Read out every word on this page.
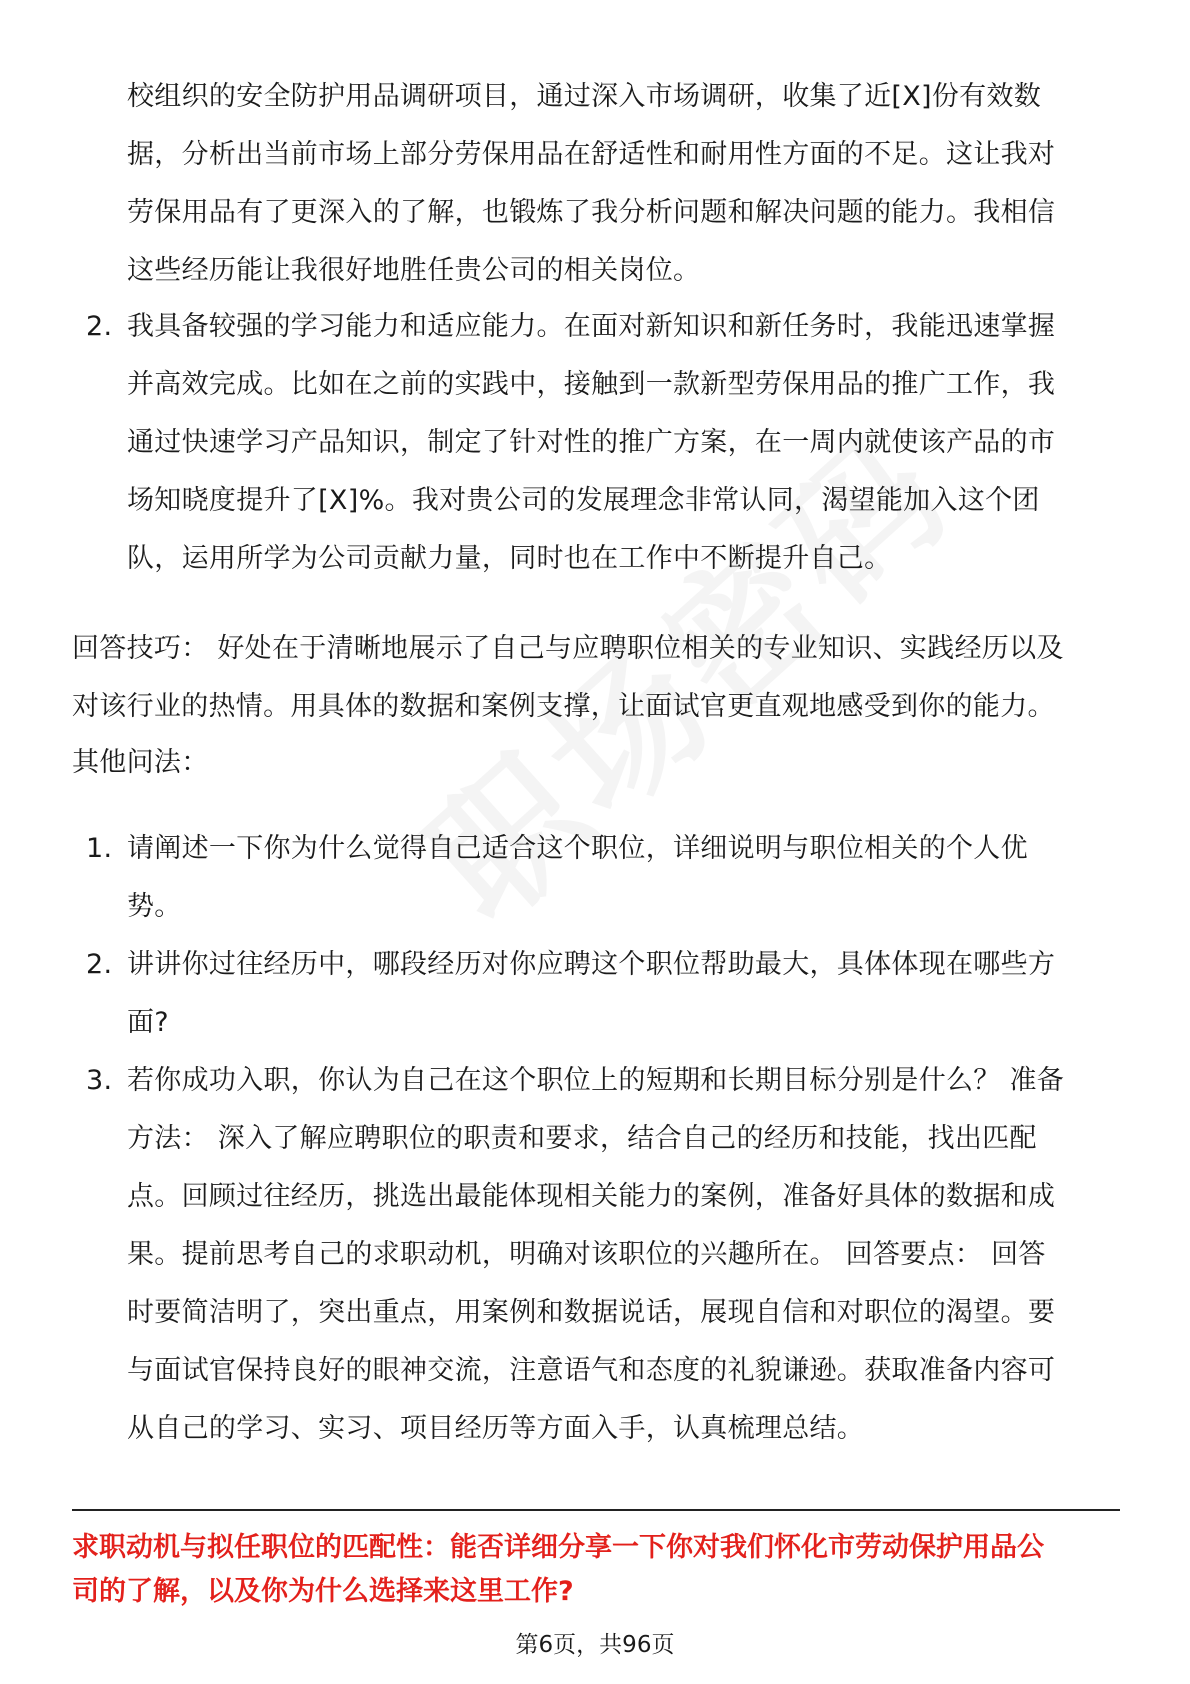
校组织的安全防护用品调研项目，通过深入市场调研，收集了近[X]份有效数
据，分析出当前市场上部分劳保用品在舒适性和耐用性方面的不足。这让我对
劳保用品有了更深入的了解，也锻炼了我分析问题和解决问题的能力。我相信
这些经历能让我很好地胜任贵公司的相关岗位。
2. 我具备较强的学习能力和适应能力。在面对新知识和新任务时，我能迅速掌握
并高效完成。比如在之前的实践中，接触到一款新型劳保用品的推广工作，我
通过快速学习产品知识，制定了针对性的推广方案，在一周内就使该产品的市
场知晓度提升了[X]%。我对贵公司的发展理念非常认同，渴望能加入这个团
队，运用所学为公司贡献力量，同时也在工作中不断提升自己。
回答技巧： 好处在于清晰地展示了自己与应聘职位相关的专业知识、实践经历以及
对该行业的热情。用具体的数据和案例支撑，让面试官更直观地感受到你的能力。
其他问法：
1. 请阐述一下你为什么觉得自己适合这个职位，详细说明与职位相关的个人优
势。
2. 讲讲你过往经历中，哪段经历对你应聘这个职位帮助最大，具体体现在哪些方
面?
3. 若你成功入职，你认为自己在这个职位上的短期和长期目标分别是什么？ 准备
方法： 深入了解应聘职位的职责和要求，结合自己的经历和技能，找出匹配
点。回顾过往经历，挑选出最能体现相关能力的案例，准备好具体的数据和成
果。提前思考自己的求职动机，明确对该职位的兴趣所在。 回答要点： 回答
时要简洁明了，突出重点，用案例和数据说话，展现自信和对职位的渴望。要
与面试官保持良好的眼神交流，注意语气和态度的礼貌谦逊。获取准备内容可
从自己的学习、实习、项目经历等方面入手，认真梳理总结。
求职动机与拟任职位的匹配性：能否详细分享一下你对我们怀化市劳动保护用品公
司的了解，以及你为什么选择来这里工作?
第6页，共96页
